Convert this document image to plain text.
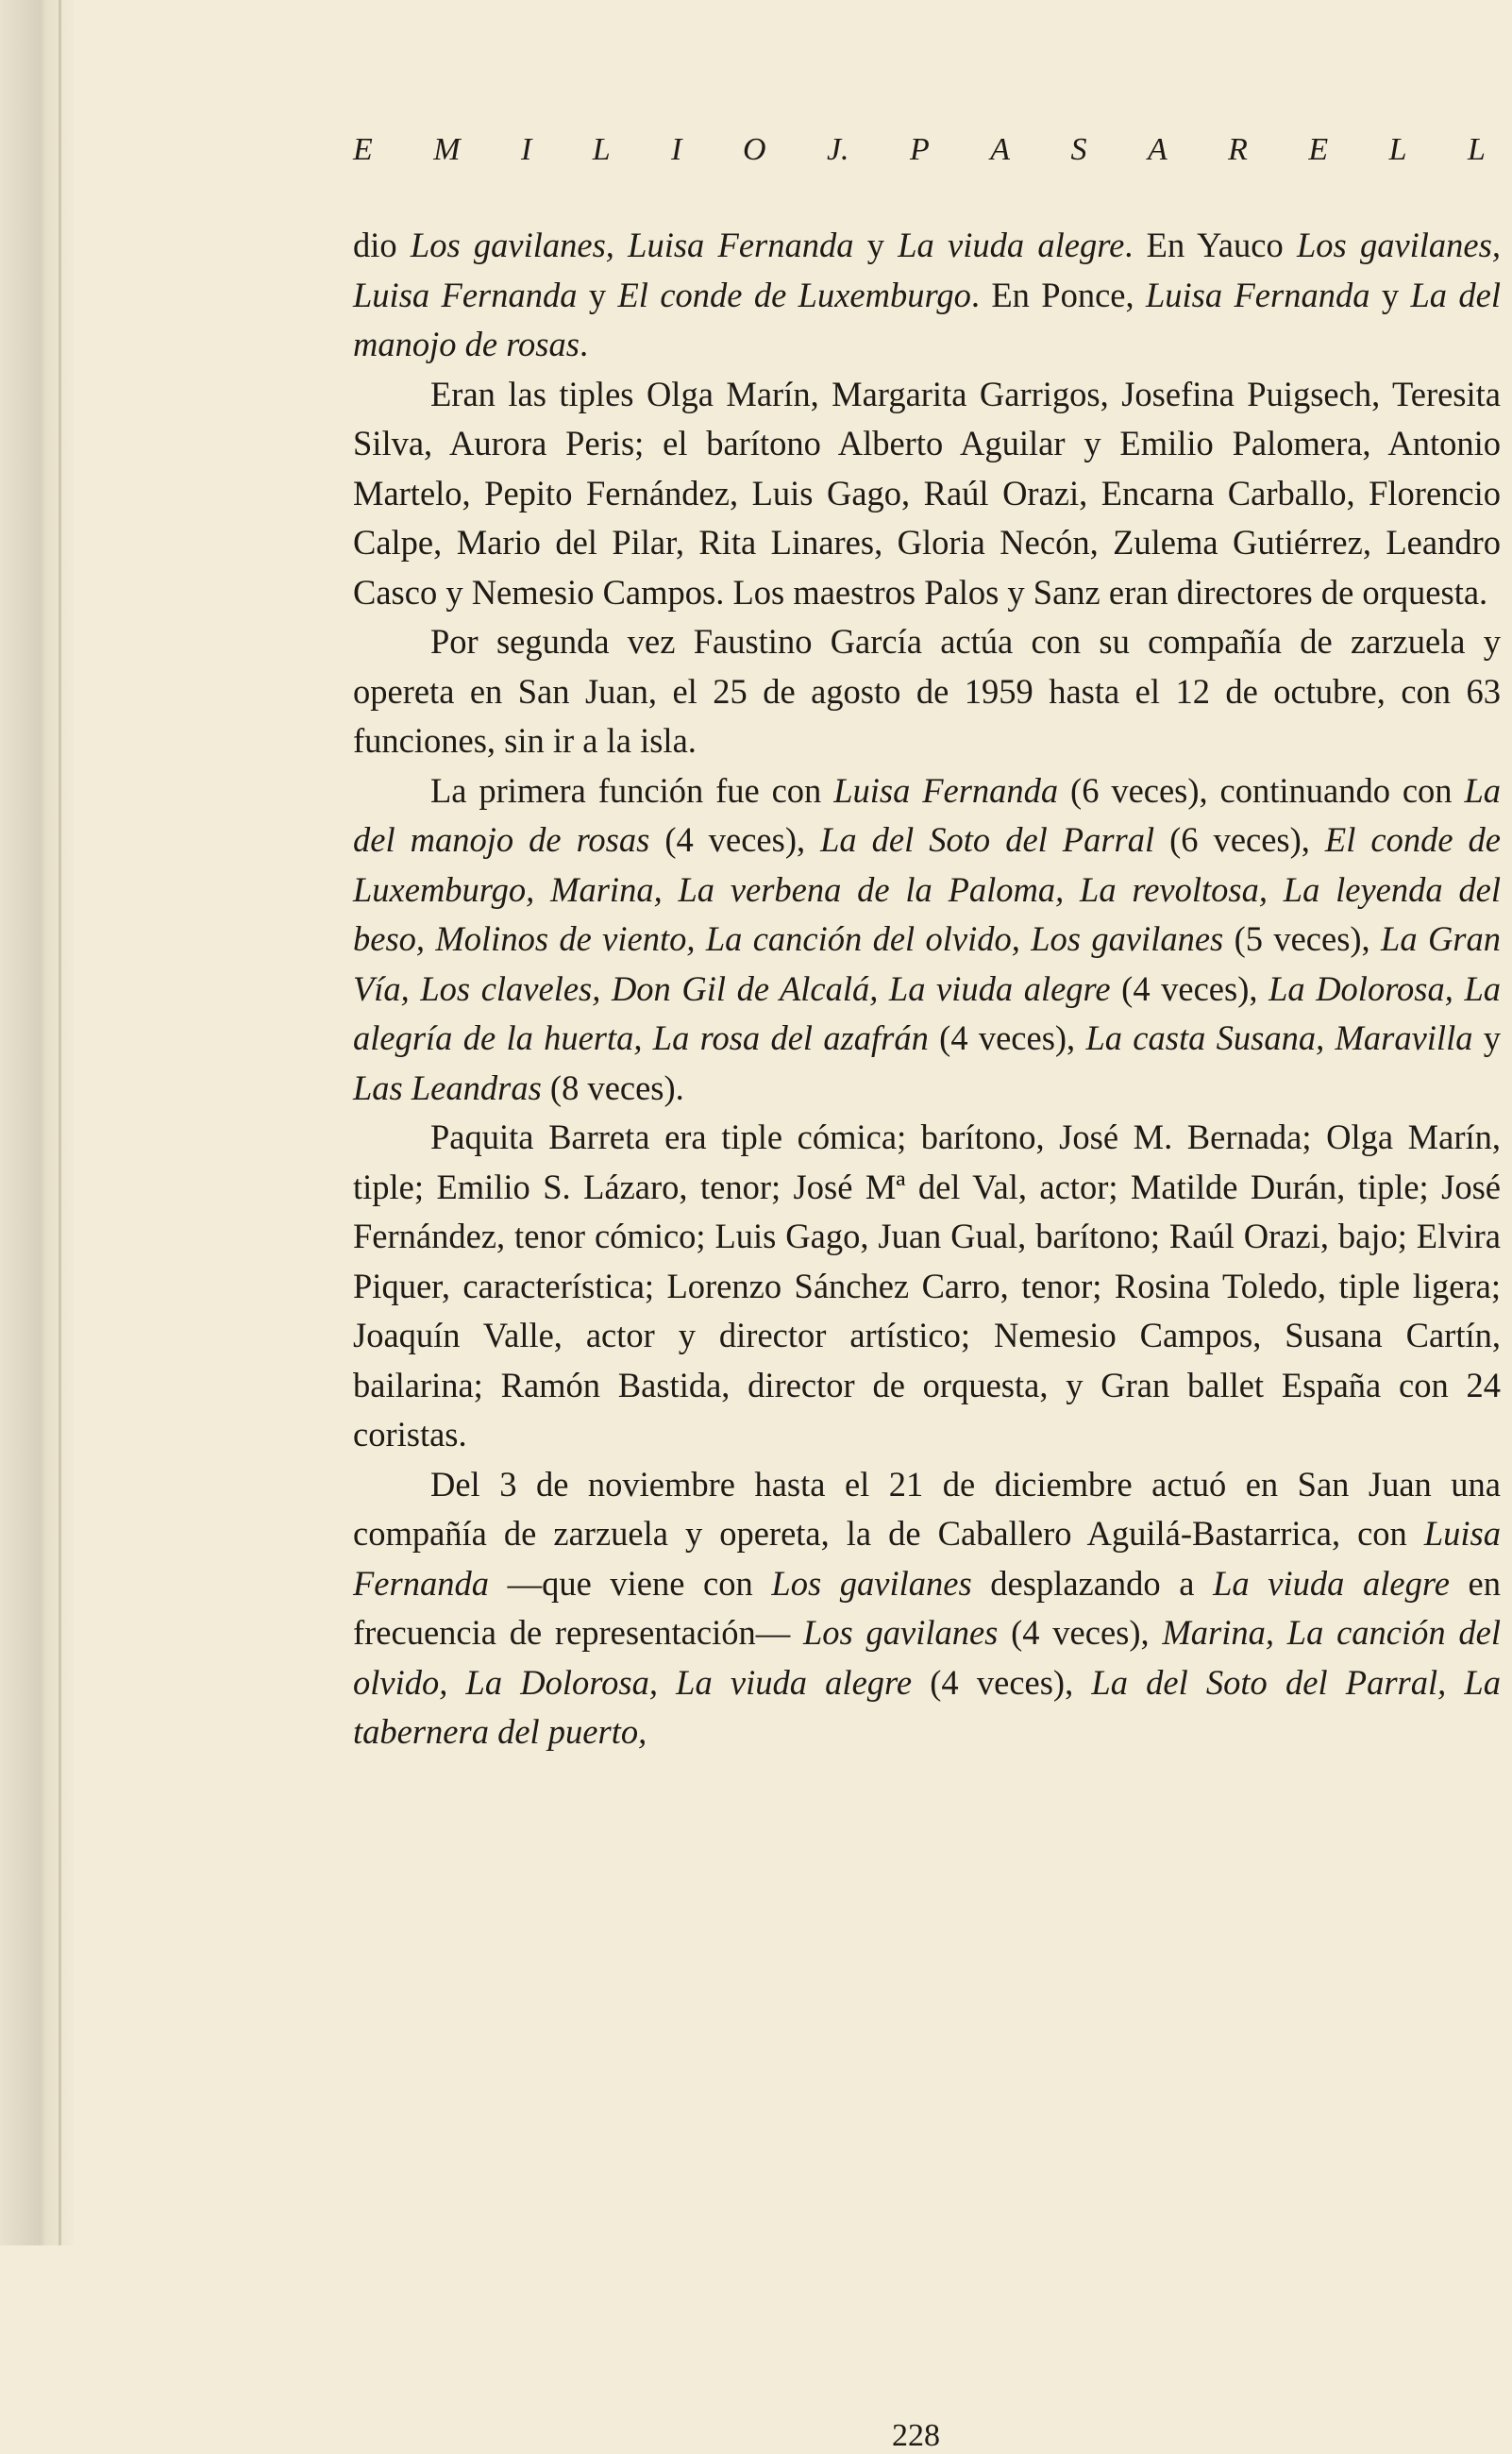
E M I L I O J. P A S A R E L L

dio Los gavilanes, Luisa Fernanda y La viuda alegre. En Yauco Los gavilanes, Luisa Fernanda y El conde de Luxemburgo. En Ponce, Luisa Fernanda y La del manojo de rosas.

Eran las tiples Olga Marín, Margarita Garrigos, Josefina Puigsech, Teresita Silva, Aurora Peris; el barítono Alberto Aguilar y Emilio Palomera, Antonio Martelo, Pepito Fernández, Luis Gago, Raúl Orazi, Encarna Carballo, Florencio Calpe, Mario del Pilar, Rita Linares, Gloria Necón, Zulema Gutiérrez, Leandro Casco y Nemesio Campos. Los maestros Palos y Sanz eran directores de orquesta.

Por segunda vez Faustino García actúa con su compañía de zarzuela y opereta en San Juan, el 25 de agosto de 1959 hasta el 12 de octubre, con 63 funciones, sin ir a la isla.

La primera función fue con Luisa Fernanda (6 veces), continuando con La del manojo de rosas (4 veces), La del Soto del Parral (6 veces), El conde de Luxemburgo, Marina, La verbena de la Paloma, La revoltosa, La leyenda del beso, Molinos de viento, La canción del olvido, Los gavilanes (5 veces), La Gran Vía, Los claveles, Don Gil de Alcalá, La viuda alegre (4 veces), La Dolorosa, La alegría de la huerta, La rosa del azafrán (4 veces), La casta Susana, Maravilla y Las Leandras (8 veces).

Paquita Barreta era tiple cómica; barítono, José M. Bernada; Olga Marín, tiple; Emilio S. Lázaro, tenor; José Mª del Val, actor; Matilde Durán, tiple; José Fernández, tenor cómico; Luis Gago, Juan Gual, barítono; Raúl Orazi, bajo; Elvira Piquer, característica; Lorenzo Sánchez Carro, tenor; Rosina Toledo, tiple ligera; Joaquín Valle, actor y director artístico; Nemesio Campos, Susana Cartín, bailarina; Ramón Bastida, director de orquesta, y Gran ballet España con 24 coristas.

Del 3 de noviembre hasta el 21 de diciembre actuó en San Juan una compañía de zarzuela y opereta, la de Caballero Aguilá-Bastarrica, con Luisa Fernanda —que viene con Los gavilanes desplazando a La viuda alegre en frecuencia de representación— Los gavilanes (4 veces), Marina, La canción del olvido, La Dolorosa, La viuda alegre (4 veces), La del Soto del Parral, La tabernera del puerto,

228
